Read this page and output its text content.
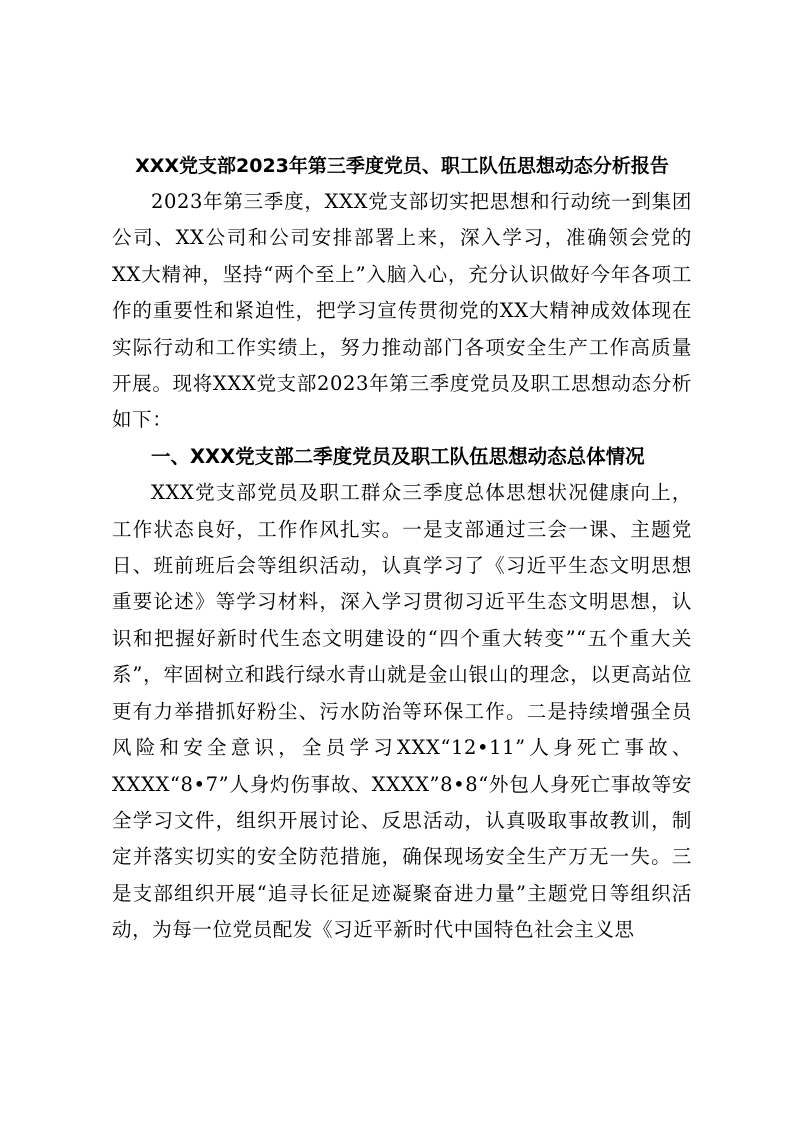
XXX党支部2023年第三季度党员、职工队伍思想动态分析报告

2023年第三季度，XXX党支部切实把思想和行动统一到集团公司、XX公司和公司安排部署上来，深入学习，准确领会党的XX大精神，坚持“两个至上”入脑入心，充分认识做好今年各项工作的重要性和紧迫性，把学习宣传贯彻党的XX大精神成效体现在实际行动和工作实绩上，努力推动部门各项安全生产工作高质量开展。现将XXX党支部2023年第三季度党员及职工思想动态分析如下：

一、XXX党支部二季度党员及职工队伍思想动态总体情况

XXX党支部党员及职工群众三季度总体思想状况健康向上，工作状态良好，工作作风扎实。一是支部通过三会一课、主题党日、班前班后会等组织活动，认真学习了《习近平生态文明思想重要论述》等学习材料，深入学习贯彻习近平生态文明思想，认识和把握好新时代生态文明建设的“四个重大转变”“五个重大关系”，牢固树立和践行绿水青山就是金山银山的理念，以更高站位更有力举措抓好粉尘、污水防治等环保工作。二是持续增强全员风险和安全意识，全员学习XXX“12•11”人身死亡事故、XXXX“8•7”人身灼伤事故、XXXX”8•8“外包人身死亡事故等安全学习文件，组织开展讨论、反思活动，认真吸取事故教训，制定并落实切实的安全防范措施，确保现场安全生产万无一失。三是支部组织开展“追寻长征足迹凝聚奋进力量”主题党日等组织活动，为每一位党员配发《习近平新时代中国特色社会主义思
